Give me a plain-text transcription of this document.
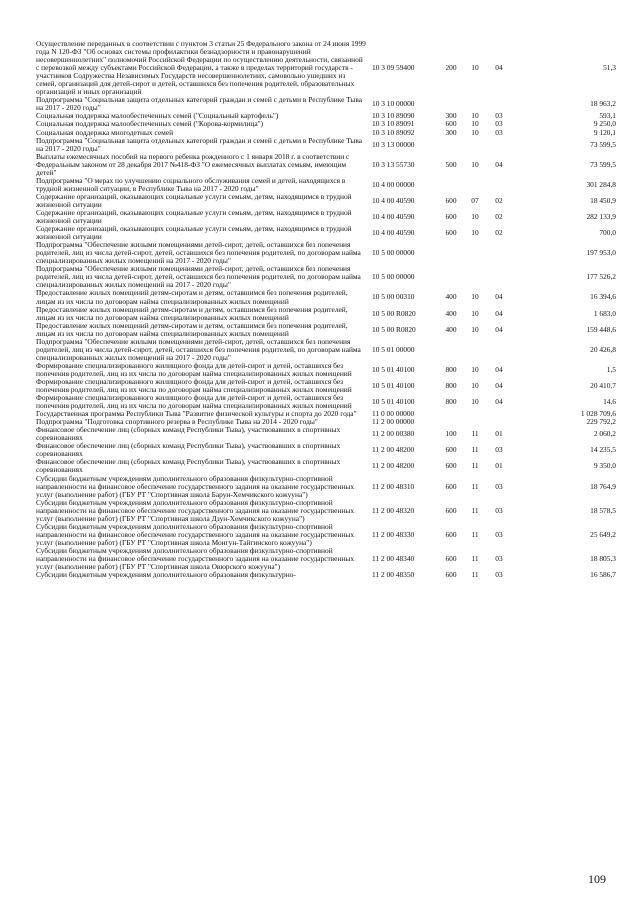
Осуществление переданных в соответствии с пунктом 3 статьи 25 Федерального закона от 24 июня 1999 года N 120-ФЗ "Об основах системы профилактики безнадзорности и правонарушений несовершеннолетних" полномочий Российской Федерации по осуществлению деятельности, связанной с перевозкой между субъектами Российской Федерации, а также в пределах территорий государств - участников Содружества Независимых Государств несовершеннолетних, самовольно ушедших из семей, организаций для детей-сирот и детей, оставшихся без попечения родителей, образовательных организаций и иных организаций	10 3 09 59400	200	10	04	51,3
Подпрограмма "Социальная защита отдельных категорий граждан и семей с детьми в Республике Тыва на 2017 - 2020 годы"	10 3 10 00000				18 963,2
Социальная поддержка малообеспеченных семей ("Социальный картофель")	10 3 10 89090	300	10	03	593,1
Социальная поддержка малообеспеченных семей ("Корова-кормилица")	10 3 10 89091	600	10	03	9 250,0
Социальная поддержка многодетных семей	10 3 10 89092	300	10	03	9 120,1
Подпрограмма "Социальная защита отдельных категорий граждан и семей с детьми в Республике Тыва на 2017 - 2020 годы"	10 3 13 00000				73 599,5
Выплаты ежемесячных пособий на первого ребенка рожденного с 1 января 2018 г. в соответствии с Федеральным законом от 28 декабря 2017 №418-ФЗ "О ежемесячных выплатах семьям, имеющим детей"	10 3 13 55730	500	10	04	73 599,5
Подпрограмма "О мерах по улучшению социального обслуживания семей и детей, находящихся в трудной жизненной ситуации, в Республике Тыва на 2017 - 2020 годы"	10 4 00 00000				301 284,8
Содержание организаций, оказывающих социальные услуги семьям, детям, находящимся в трудной жизненной ситуации	10 4 00 40590	600	07	02	18 450,9
Содержание организаций, оказывающих социальные услуги семьям, детям, находящимся в трудной жизненной ситуации	10 4 00 40590	600	10	02	282 133,9
Содержание организаций, оказывающих социальные услуги семьям, детям, находящимся в трудной жизненной ситуации	10 4 00 40590	600	10	02	700,0
Подпрограмма "Обеспечение жилыми помещениями детей-сирот, детей, оставшихся без попечения родителей, лиц из числа детей-сирот, детей, оставшихся без попечения родителей, по договорам найма специализированных жилых помещений на 2017 - 2020 годы"	10 5 00 00000				197 953,0
Подпрограмма "Обеспечение жилыми помещениями детей-сирот, детей, оставшихся без попечения родителей, лиц из числа детей-сирот, детей, оставшихся без попечения родителей, по договорам найма специализированных жилых помещений на 2017 - 2020 годы"	10 5 00 00000				177 526,2
Предоставление жилых помещений детям-сиротам и детям, оставшимся без попечения родителей, лицам из их числа по договорам найма специализированных жилых помещений	10 5 00 00310	400	10	04	16 394,6
Предоставление жилых помещений детям-сиротам и детям, оставшимся без попечения родителей, лицам из их числа по договорам найма специализированных жилых помещений	10 5 00 R0820	400	10	04	1 683,0
Предоставление жилых помещений детям-сиротам и детям, оставшимся без попечения родителей, лицам из их числа по договорам найма специализированных жилых помещений	10 5 00 R0820	400	10	04	159 448,6
Подпрограмма "Обеспечение жилыми помещениями детей-сирот, детей, оставшихся без попечения родителей, лиц из числа детей-сирот, детей, оставшихся без попечения родителей, по договорам найма специализированных жилых помещений на 2017 - 2020 годы"	10 5 01 00000				20 426,8
Формирование специализированного жилищного фонда для детей-сирот и детей, оставшихся без попечения родителей, лиц из их числа по договорам найма специализированных жилых помещений	10 5 01 40100	800	10	04	1,5
Формирование специализированного жилищного фонда для детей-сирот и детей, оставшихся без попечения родителей, лиц из их числа по договорам найма специализированных жилых помещений	10 5 01 40100	800	10	04	20 410,7
Формирование специализированного жилищного фонда для детей-сирот и детей, оставшихся без попечения родителей, лиц из их числа по договорам найма специализированных жилых помещений	10 5 01 40100	800	10	04	14,6
Государственная программа Республики Тыва "Развитие физической культуры и спорта до 2020 года"	11 0 00 00000				1 028 709,6
Подпрограмма "Подготовка спортивного резерва в Республике Тыва на 2014 - 2020 годы"	11 2 00 00000				229 792,2
Финансовое обеспечение лиц (сборных команд Республики Тыва), участвовавших в спортивных соревнованиях	11 2 00 00380	100	11	01	2 060,2
Финансовое обеспечение лиц (сборных команд Республики Тыва), участвовавших в спортивных соревнованиях	11 2 00 48200	600	11	03	14 235,5
Финансовое обеспечение лиц (сборных команд Республики Тыва), участвовавших в спортивных соревнованиях	11 2 00 48200	600	11	01	9 350,0
Субсидии бюджетным учреждениям дополнительного образования физкультурно-спортивной направленности на финансовое обеспечение государственного задания на оказание государственных услуг (выполнение работ) (ГБУ РТ "Спортивная школа Барун-Хемчикского кожууна")	11 2 00 48310	600	11	03	18 764,9
Субсидии бюджетным учреждениям дополнительного образования физкультурно-спортивной направленности на финансовое обеспечение государственного задания на оказание государственных услуг (выполнение работ) (ГБУ РТ "Спортивная школа Дзун-Хемчикского кожууна")	11 2 00 48320	600	11	03	18 578,5
Субсидии бюджетным учреждениям дополнительного образования физкультурно-спортивной направленности на финансовое обеспечение государственного задания на оказание государственных услуг (выполнение работ) (ГБУ РТ "Спортивная школа Монгун-Тайгинского кожууна")	11 2 00 48330	600	11	03	25 649,2
Субсидии бюджетным учреждениям дополнительного образования физкультурно-спортивной направленности на финансовое обеспечение государственного задания на оказание государственных услуг (выполнение работ) (ГБУ РТ "Спортивная школа Овюрского кожууна")	11 2 00 48340	600	11	03	18 805,3
Субсидии бюджетным учреждениям дополнительного образования физкультурно-	11 2 00 48350	600	11	03	16 586,7
109
